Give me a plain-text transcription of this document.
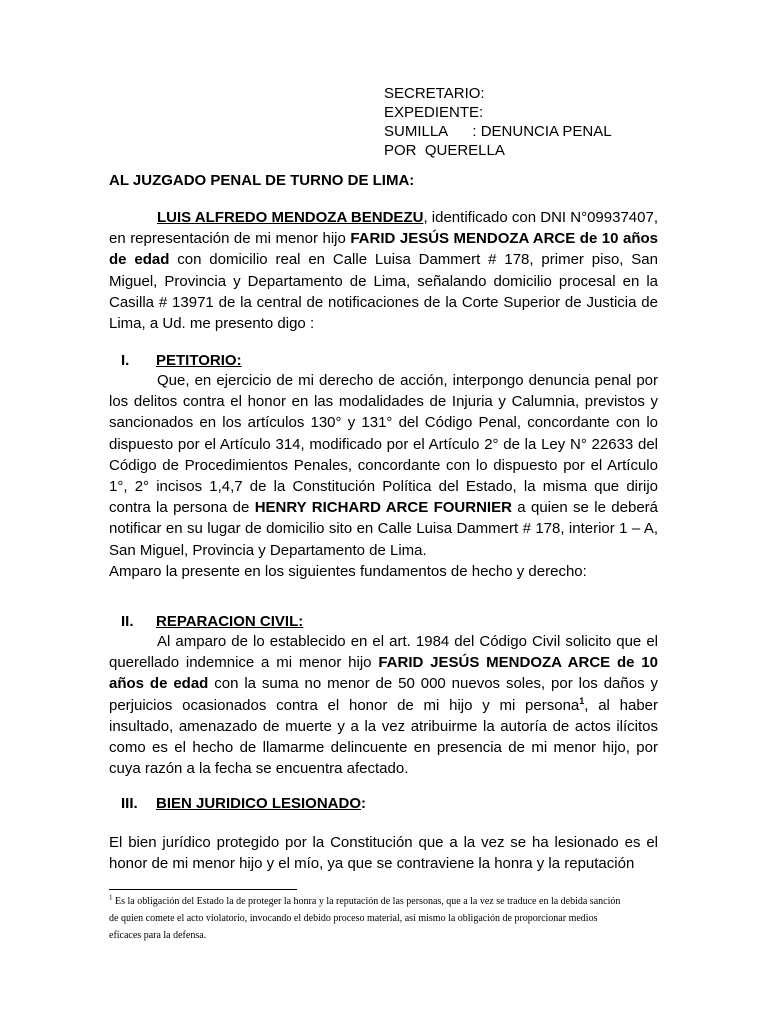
SECRETARIO:
EXPEDIENTE:
SUMILLA      : DENUNCIA PENAL
POR  QUERELLA
AL JUZGADO PENAL DE TURNO DE LIMA:
LUIS ALFREDO MENDOZA BENDEZU, identificado con DNI N°09937407, en representación de mi menor hijo FARID JESÚS MENDOZA ARCE de 10 años de edad con domicilio real en Calle Luisa Dammert # 178, primer piso, San Miguel, Provincia y Departamento de Lima, señalando domicilio procesal en la Casilla # 13971 de la central de notificaciones de la Corte Superior de Justicia de Lima, a Ud. me presento digo :
I. PETITORIO:

Que, en ejercicio de mi derecho de acción, interpongo denuncia penal por los delitos contra el honor en las modalidades de Injuria y Calumnia, previstos y sancionados en los artículos 130° y 131° del Código Penal, concordante con lo dispuesto por el Artículo 314, modificado por el Artículo 2° de la Ley N° 22633 del Código de Procedimientos Penales, concordante con lo dispuesto por el Artículo 1°, 2° incisos 1,4,7 de la Constitución Política del Estado, la misma que dirijo contra la persona de HENRY RICHARD ARCE FOURNIER a quien se le deberá notificar en su lugar de domicilio sito en Calle Luisa Dammert # 178, interior 1 – A, San Miguel, Provincia y Departamento de Lima.

Amparo la presente en los siguientes fundamentos de hecho y derecho:

II. REPARACION CIVIL:

Al amparo de lo establecido en el art. 1984 del Código Civil solicito que el querellado indemnice a mi menor hijo FARID JESÚS MENDOZA ARCE de 10 años de edad con la suma no menor de 50 000 nuevos soles, por los daños y perjuicios ocasionados contra el honor de mi hijo y mi persona$^1$, al haber insultado, amenazado de muerte y a la vez atribuirme la autoría de actos ilícitos como es el hecho de llamarme delincuente en presencia de mi menor hijo, por cuya razón a la fecha se encuentra afectado.

III. BIEN JURIDICO LESIONADO:

El bien jurídico protegido por la Constitución que a la vez se ha lesionado es el honor de mi menor hijo y el mío, ya que se contraviene la honra y la reputación

$^1$ Es la obligación del Estado la de proteger la honra y la reputación de las personas, que a la vez se traduce en la debida sanción de quien comete el acto violatorio, invocando el debido proceso material, así mismo la obligación de proporcionar medios eficaces para la defensa.
